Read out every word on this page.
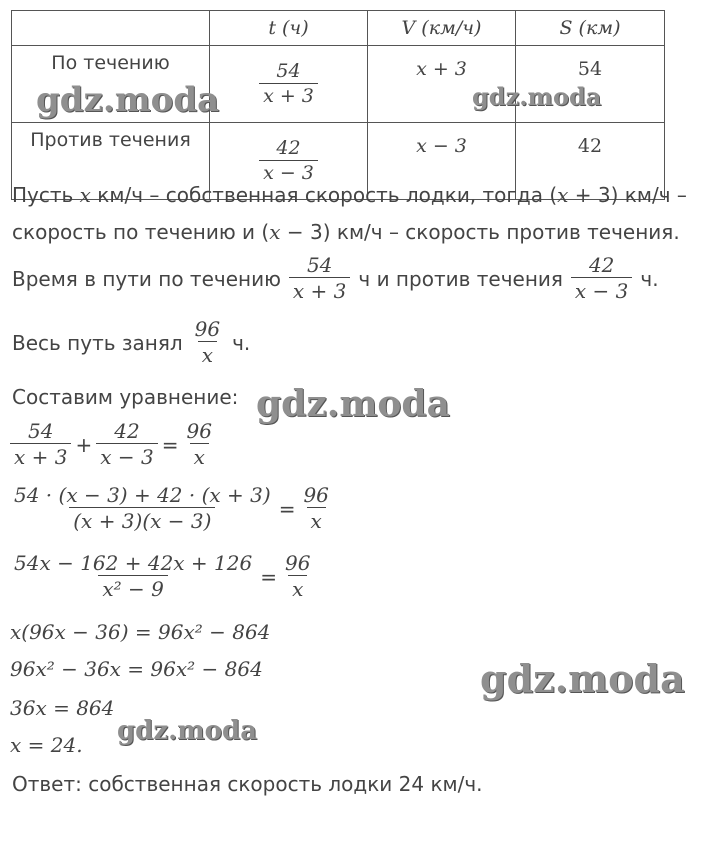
	t (ч)	V (км/ч)	S (км)
По течению	$\frac{54}{x + 3}$	x + 3	54
Против течения	$\frac{42}{x - 3}$	x − 3	42
Пусть x км/ч – собственная скорость лодки, тогда (x + 3) км/ч –
скорость по течению и (x − 3) км/ч – скорость против течения.
Время в пути по течению $\frac{54}{x + 3}$ ч и против течения $\frac{42}{x - 3} ч$.
Весь путь занял $\frac{96}{x} ч$.
Составим уравнение:
$\frac{54}{x + 3} + \frac{42}{x - 3} = \frac{96}{x}$
$\frac{54 \cdot (x - 3) + 42 \cdot (x + 3)}{(x + 3)(x - 3)} = \frac{96}{x}$
$\frac{54x - 162 + 42x + 126}{\text{x² − 9}} = \frac{96}{x}$
x(96x − 36) = 96x² − 864
96x² − 36x = 96x² − 864
36x = 864
x = 24.
Ответ: собственная скорость лодки 24 км/ч.
gdz.moda	gdz.moda
gdz.moda
gdz.moda
gdz.moda
